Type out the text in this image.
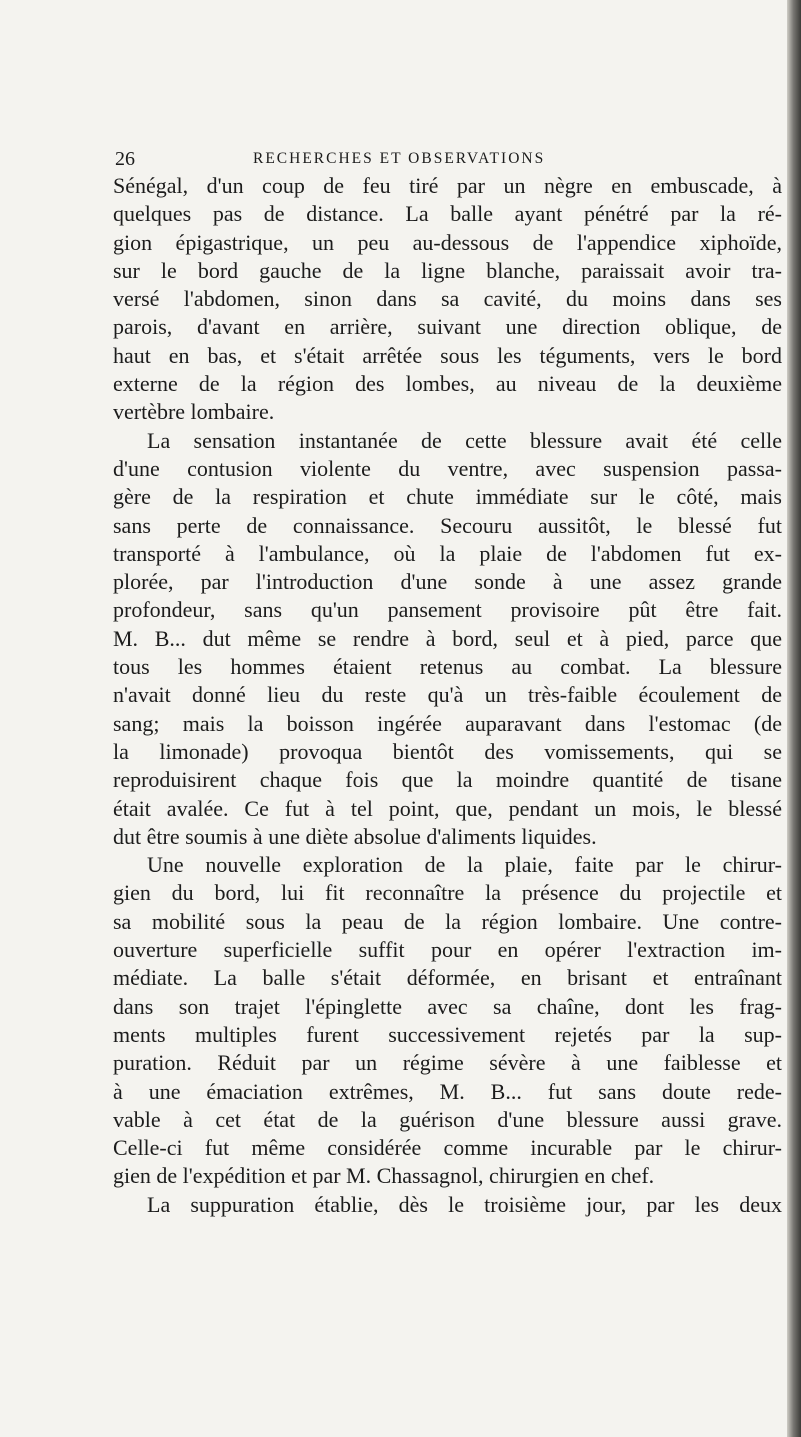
26	RECHERCHES ET OBSERVATIONS
Sénégal, d'un coup de feu tiré par un nègre en embuscade, à
quelques pas de distance. La balle ayant pénétré par la ré-
gion épigastrique, un peu au-dessous de l'appendice xiphoïde,
sur le bord gauche de la ligne blanche, paraissait avoir tra-
versé l'abdomen, sinon dans sa cavité, du moins dans ses
parois, d'avant en arrière, suivant une direction oblique, de
haut en bas, et s'était arrêtée sous les téguments, vers le bord
externe de la région des lombes, au niveau de la deuxième
vertèbre lombaire.
La sensation instantanée de cette blessure avait été celle
d'une contusion violente du ventre, avec suspension passa-
gère de la respiration et chute immédiate sur le côté, mais
sans perte de connaissance. Secouru aussitôt, le blessé fut
transporté à l'ambulance, où la plaie de l'abdomen fut ex-
plorée, par l'introduction d'une sonde à une assez grande
profondeur, sans qu'un pansement provisoire pût être fait.
M. B... dut même se rendre à bord, seul et à pied, parce que
tous les hommes étaient retenus au combat. La blessure
n'avait donné lieu du reste qu'à un très-faible écoulement de
sang; mais la boisson ingérée auparavant dans l'estomac (de
la limonade) provoqua bientôt des vomissements, qui se
reproduisirent chaque fois que la moindre quantité de tisane
était avalée. Ce fut à tel point, que, pendant un mois, le blessé
dut être soumis à une diète absolue d'aliments liquides.
Une nouvelle exploration de la plaie, faite par le chirur-
gien du bord, lui fit reconnaître la présence du projectile et
sa mobilité sous la peau de la région lombaire. Une contre-
ouverture superficielle suffit pour en opérer l'extraction im-
médiate. La balle s'était déformée, en brisant et entraînant
dans son trajet l'épinglette avec sa chaîne, dont les frag-
ments multiples furent successivement rejetés par la sup-
puration. Réduit par un régime sévère à une faiblesse et
à une émaciation extrêmes, M. B... fut sans doute rede-
vable à cet état de la guérison d'une blessure aussi grave.
Celle-ci fut même considérée comme incurable par le chirur-
gien de l'expédition et par M. Chassagnol, chirurgien en chef.
La suppuration établie, dès le troisième jour, par les deux
